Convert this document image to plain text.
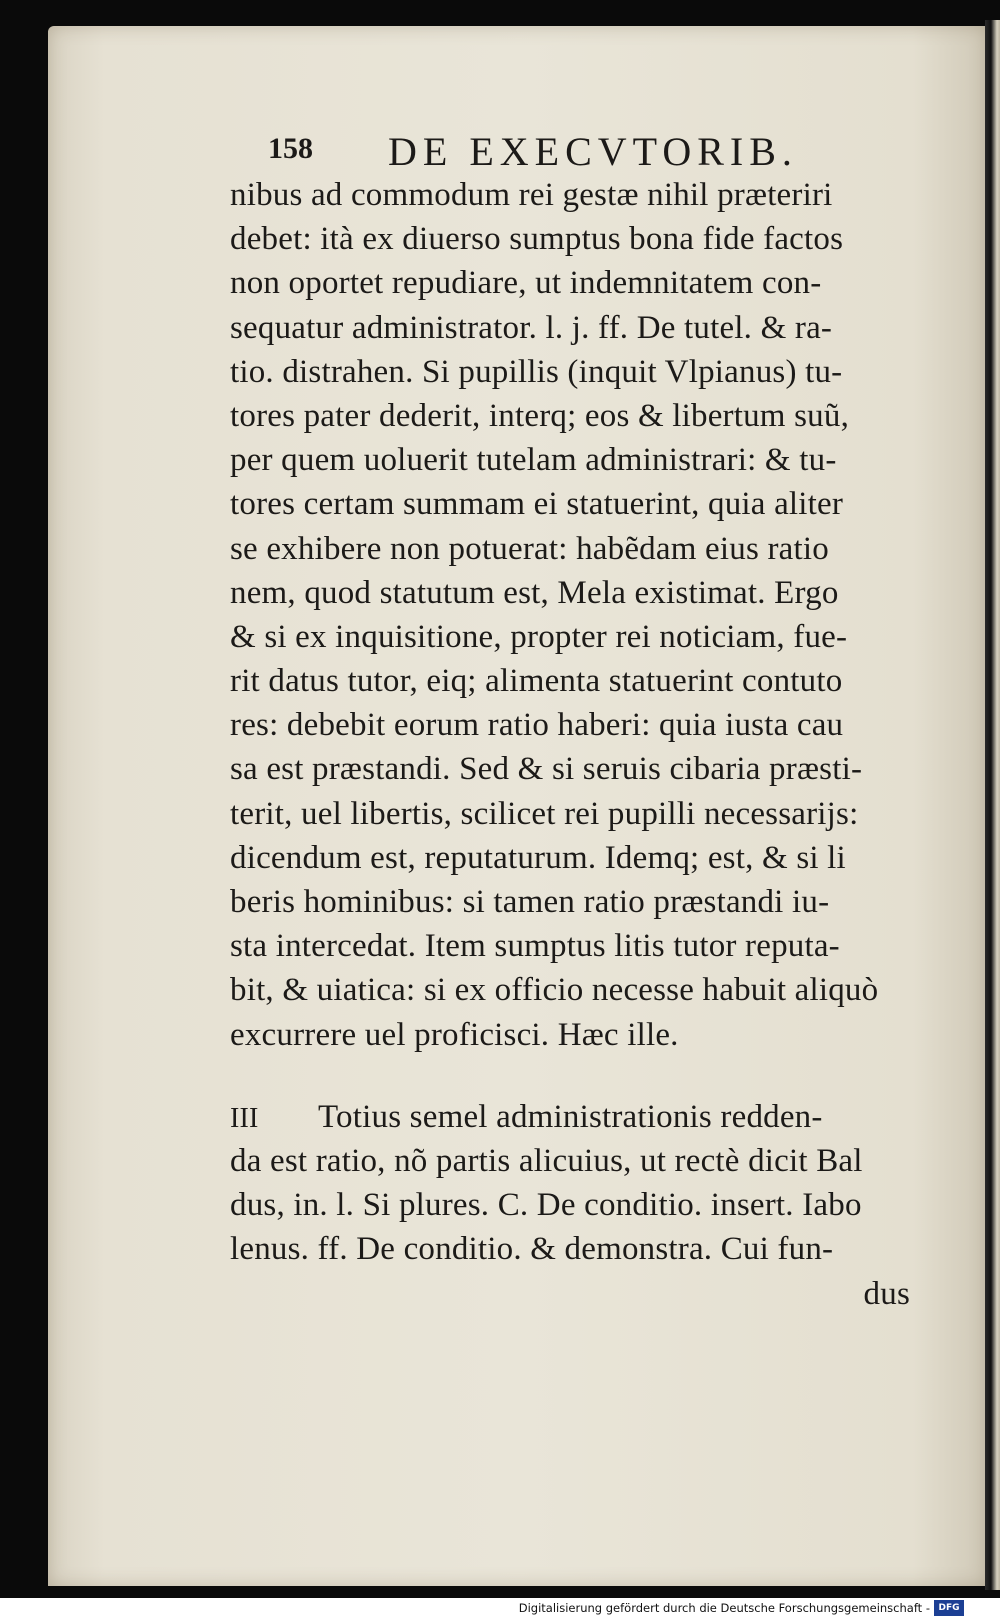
158 DE EXECVTORIB.
nibus ad commodum rei gestæ nihil præteriri
debet: ità ex diuerso sumptus bona fide factos
non oportet repudiare, ut indemnitatem con-
sequatur administrator. l. j. ff. De tutel. & ra-
tio. distrahen. Si pupillis (inquit Vlpianus) tu-
tores pater dederit, interq; eos & libertum suũ,
per quem uoluerit tutelam administrari: & tu-
tores certam summam ei statuerint, quia aliter
se exhibere non potuerat: habẽdam eius ratio
nem, quod statutum est, Mela existimat. Ergo
& si ex inquisitione, propter rei noticiam, fue-
rit datus tutor, eiq; alimenta statuerint contuto
res: debebit eorum ratio haberi: quia iusta cau
sa est præstandi. Sed & si seruis cibaria præsti-
terit, uel libertis, scilicet rei pupilli necessarijs:
dicendum est, reputaturum. Idemq; est, & si li
beris hominibus: si tamen ratio præstandi iu-
sta intercedat. Item sumptus litis tutor reputa-
bit, & uiatica: si ex officio necesse habuit aliquò
excurrere uel proficisci. Hæc ille.
III Totius semel administrationis redden-
da est ratio, nõ partis alicuius, ut rectè dicit Bal
dus, in. l. Si plures. C. De conditio. insert. Iabo
lenus. ff. De conditio. & demonstra. Cui fun-
dus
Digitalisierung gefördert durch die Deutsche Forschungsgemeinschaft - DFG
